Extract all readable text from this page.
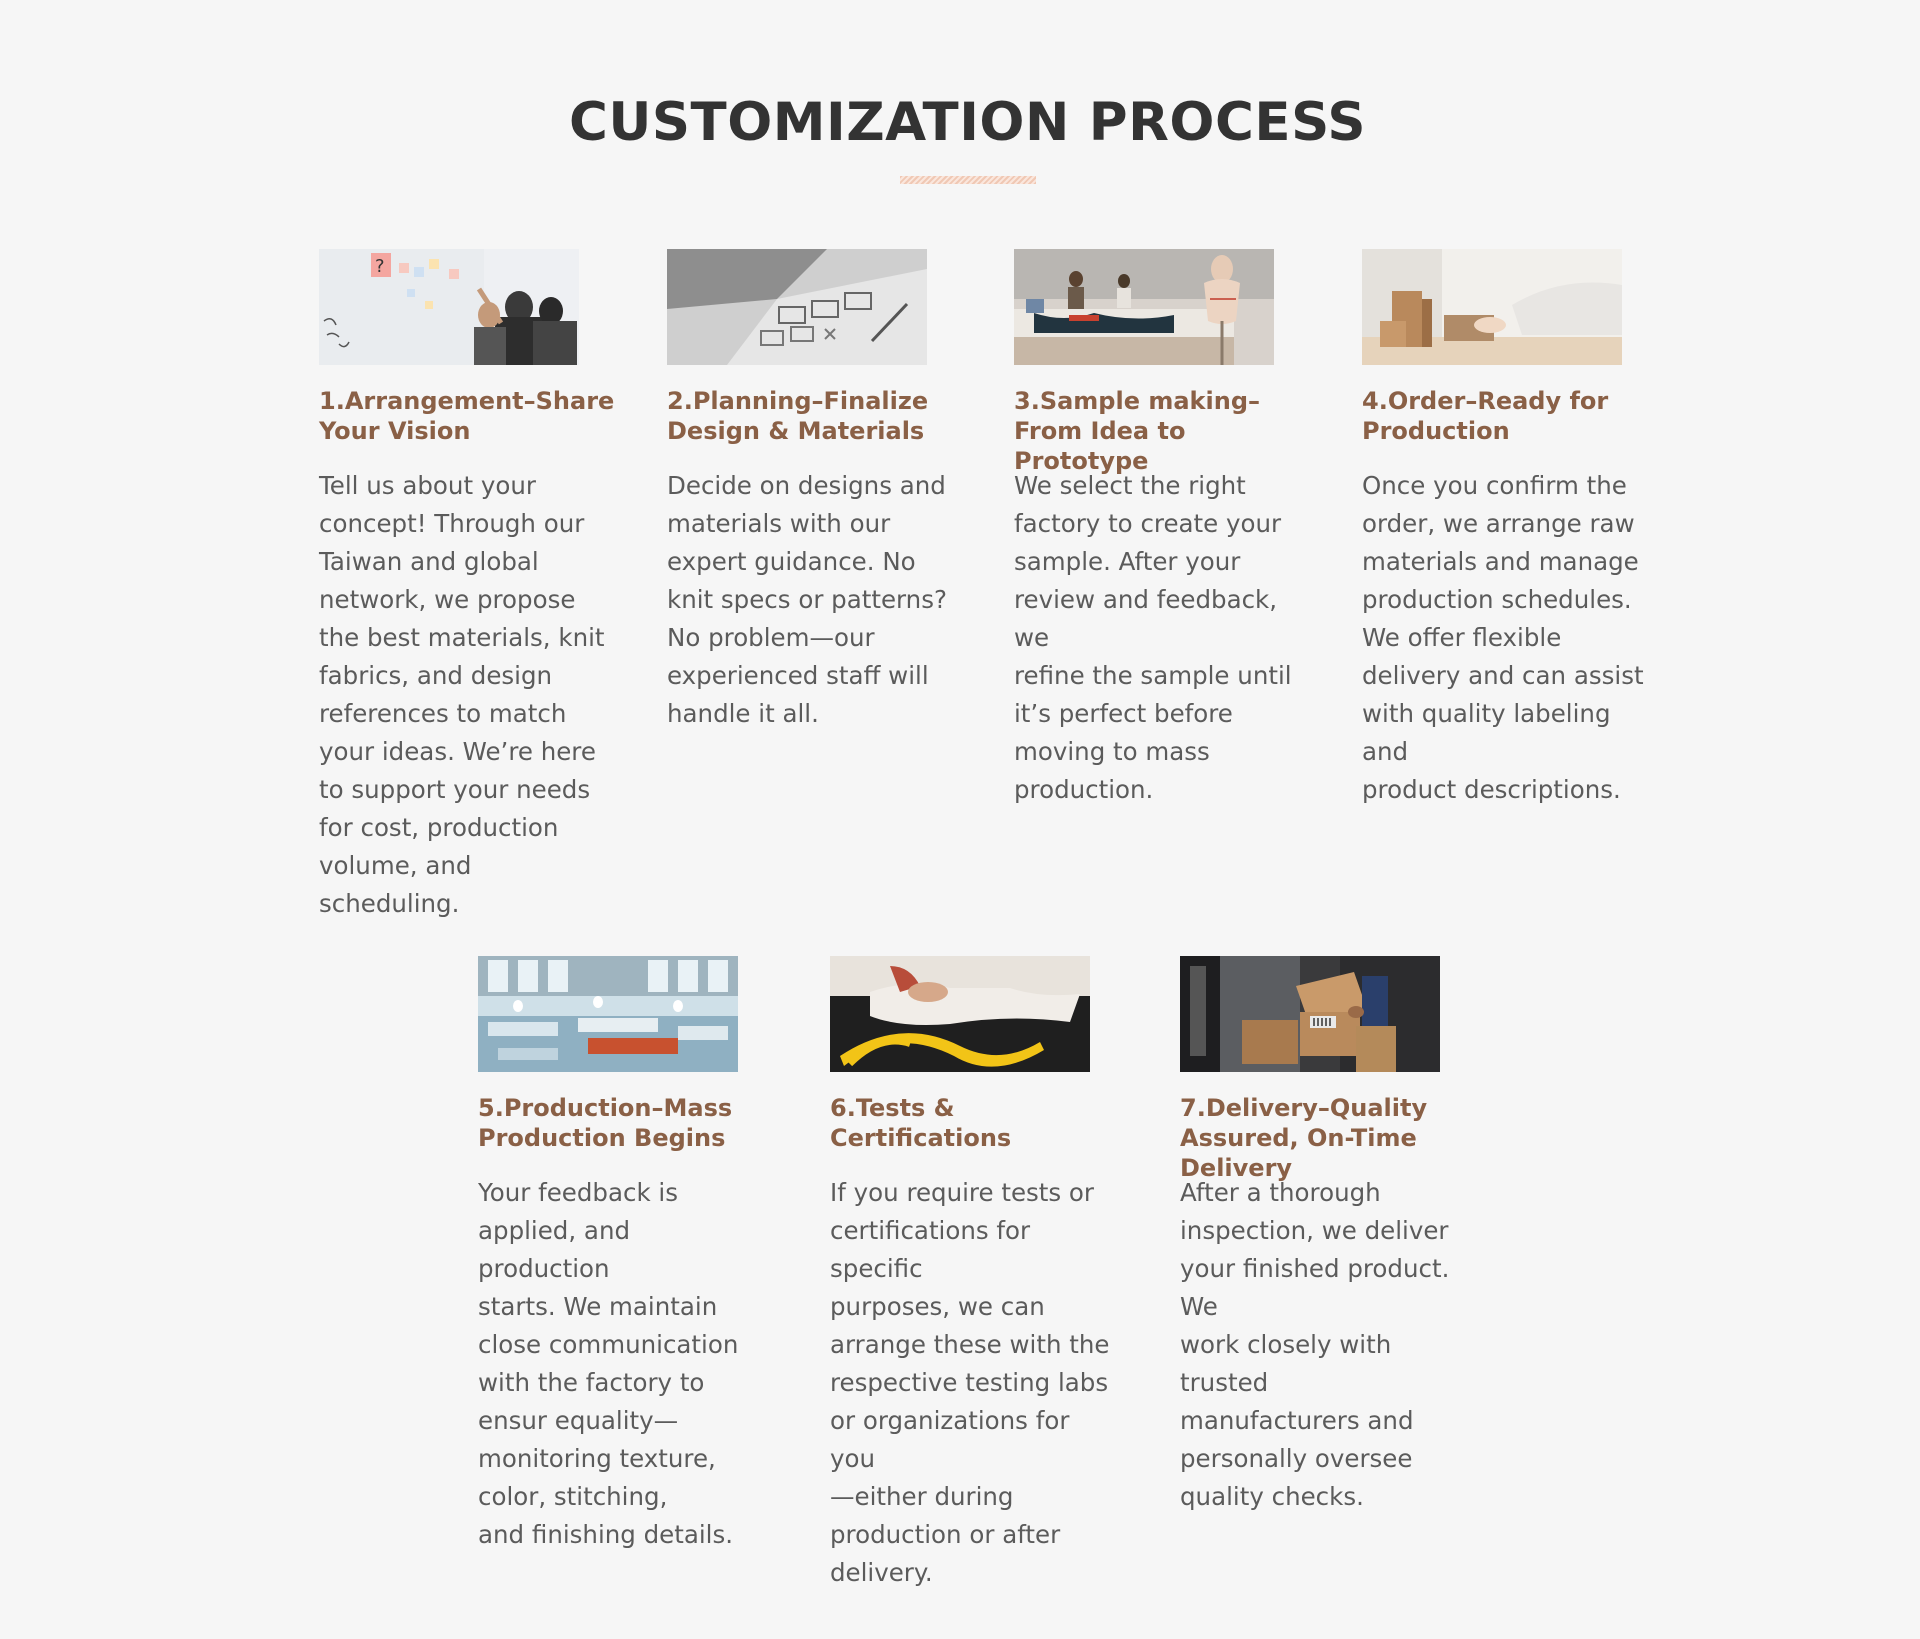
CUSTOMIZATION PROCESS
?
1.Arrangement–Share Your Vision

Tell us about your
concept! Through our
Taiwan and global
network, we propose
the best materials, knit
fabrics, and design
references to match
your ideas. We’re here
to support your needs
for cost, production
volume, and scheduling.

2.Planning–Finalize Design & Materials

Decide on designs and
materials with our
expert guidance. No
knit specs or patterns?
No problem—our
experienced staff will
handle it all.

3.Sample making–From Idea to Prototype

We select the right
factory to create your
sample. After your
review and feedback, we
refine the sample until
it’s perfect before
moving to mass
production.

4.Order–Ready for Production

Once you confirm the
order, we arrange raw
materials and manage
production schedules.
We offer flexible
delivery and can assist
with quality labeling and
product descriptions.

5.Production–Mass Production Begins

Your feedback is
applied, and production
starts. We maintain
close communication
with the factory to
ensur equality—
monitoring texture,
color, stitching,
and finishing details.

6.Tests & Certifications

If you require tests or
certifications for specific
purposes, we can
arrange these with the
respective testing labs
or organizations for you
—either during
production or after
delivery.

7.Delivery–Quality Assured, On-Time Delivery

After a thorough
inspection, we deliver
your finished product. We
work closely with trusted
manufacturers and
personally oversee
quality checks.
